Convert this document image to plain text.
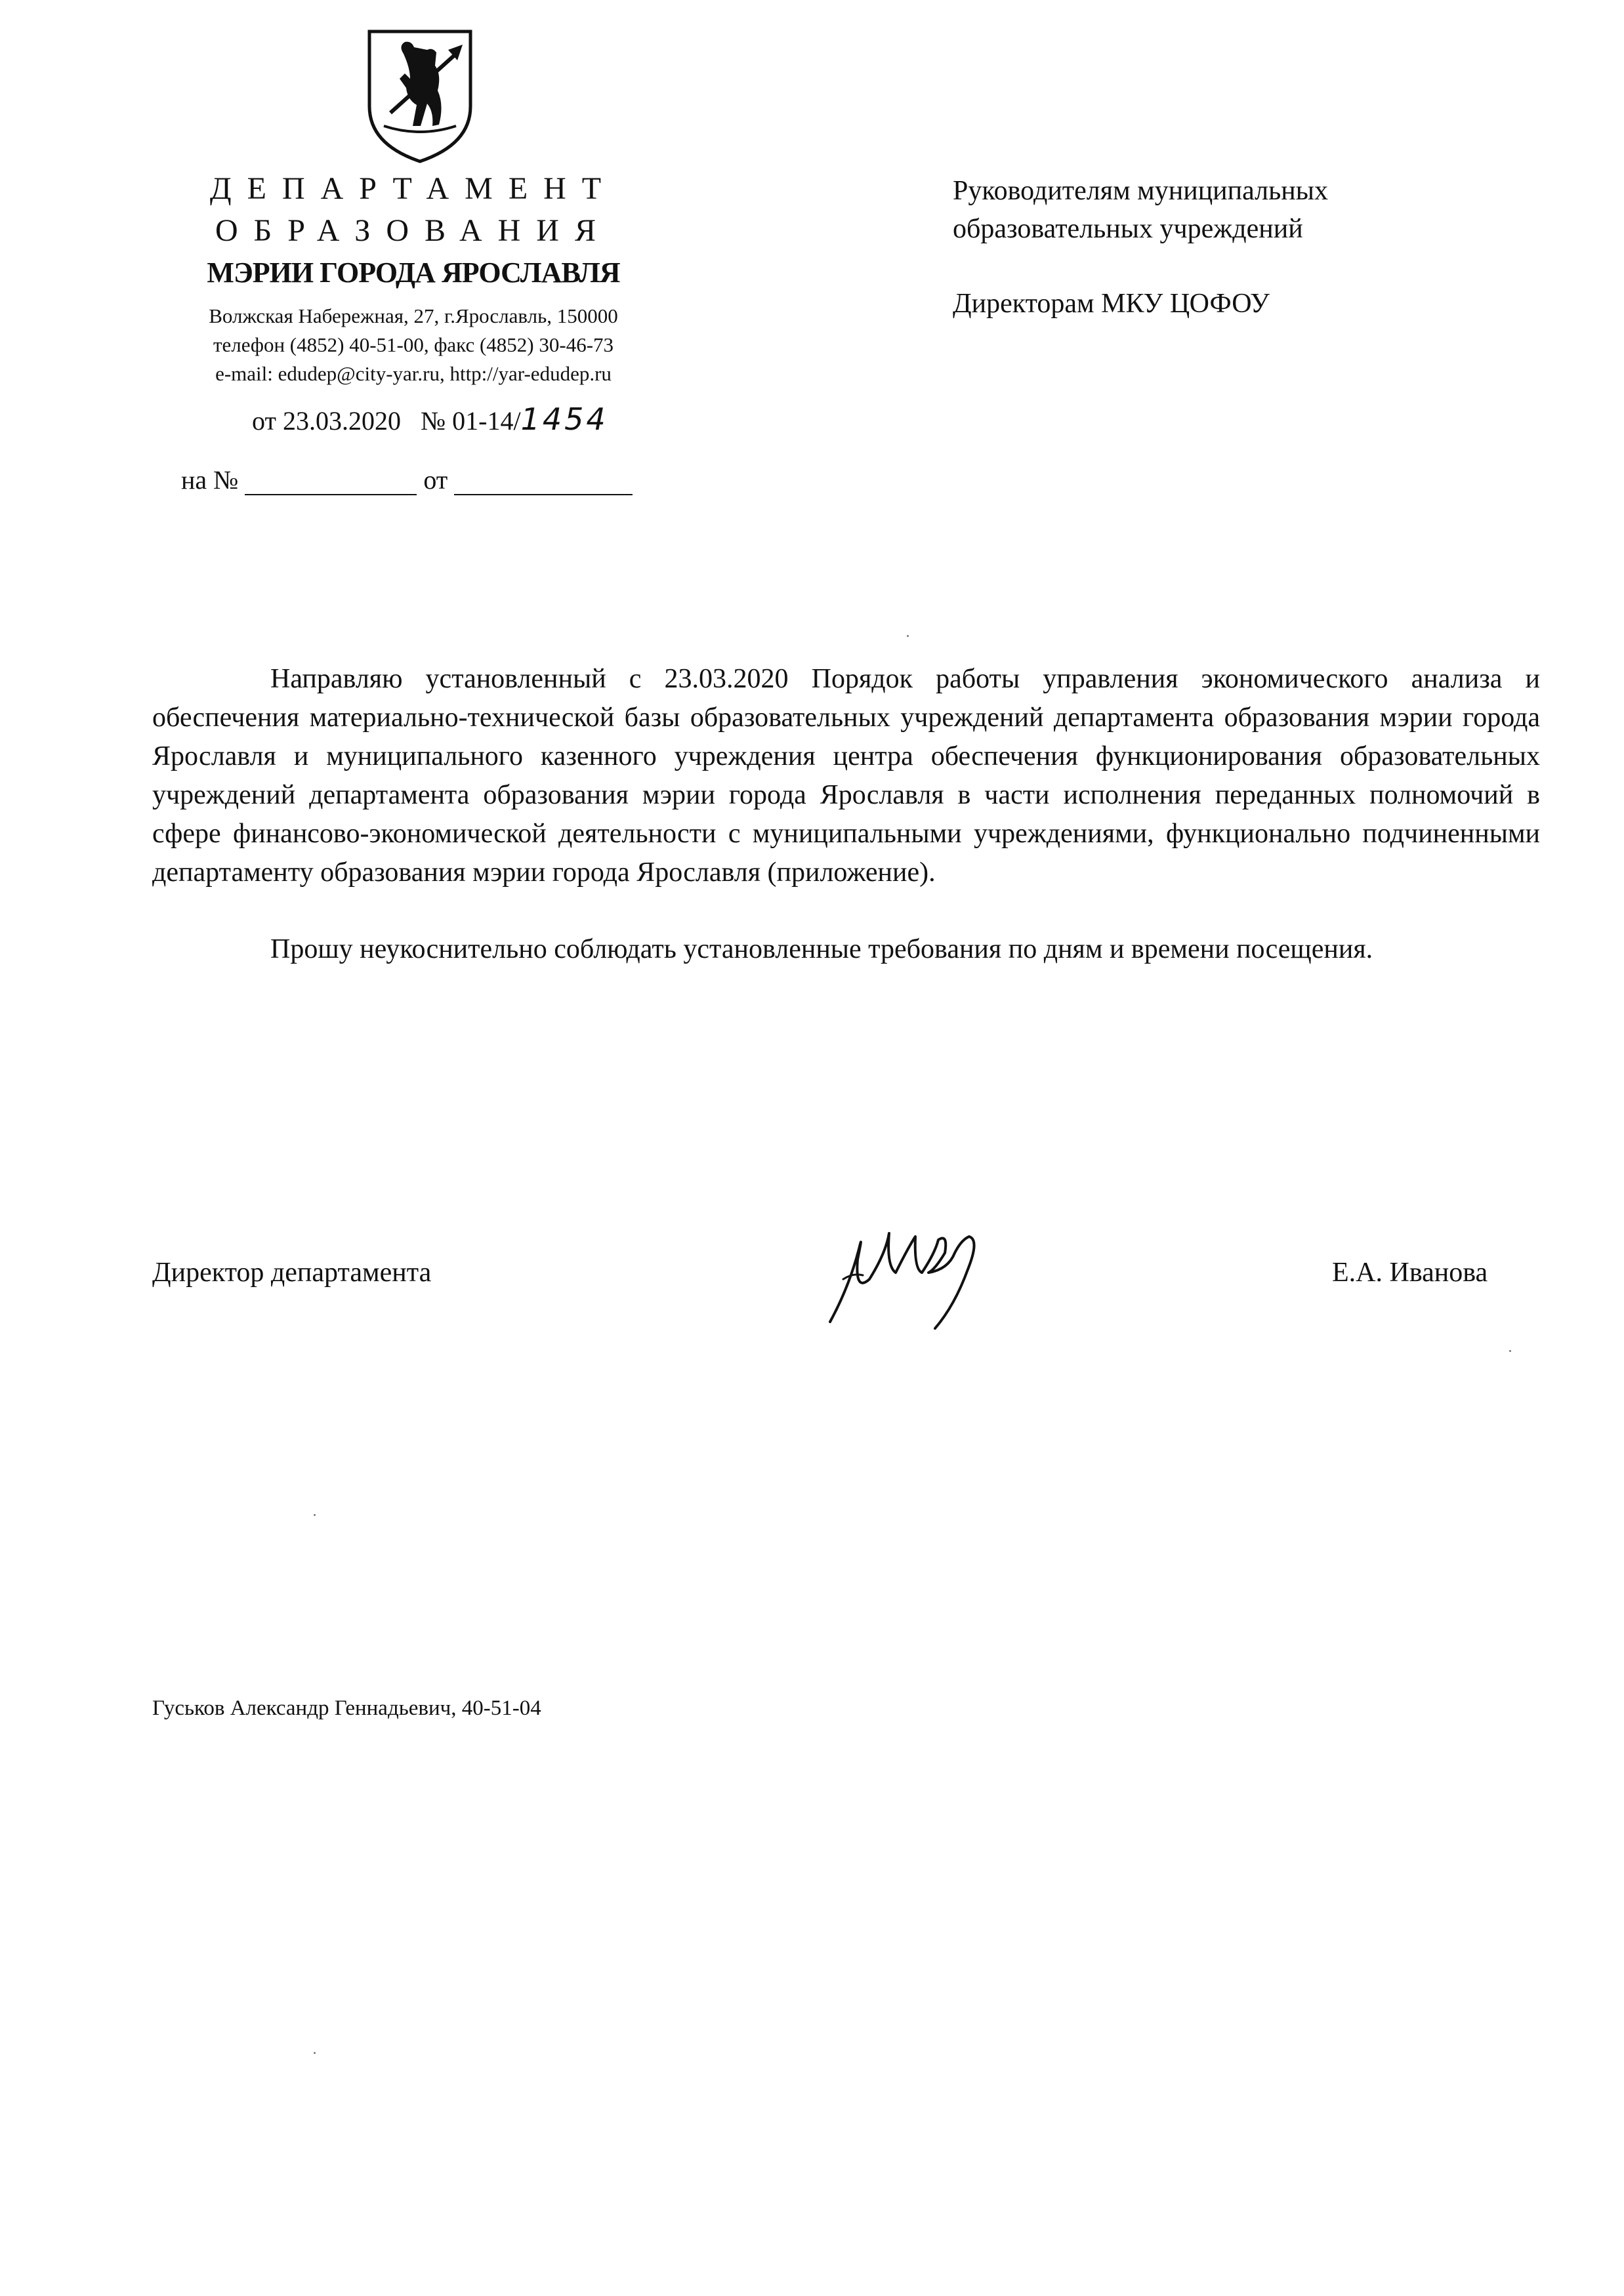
ДЕПАРТАМЕНТ
ОБРАЗОВАНИЯ
МЭРИИ ГОРОДА ЯРОСЛАВЛЯ
Волжская Набережная, 27, г.Ярославль, 150000
телефон (4852) 40-51-00, факс (4852) 30-46-73
e-mail: edudep@city-yar.ru, http://yar-edudep.ru
от 23.03.2020 № 01-14/1454
на №	от

Руководителям муниципальных

образовательных учреждений

Директорам МКУ ЦОФОУ

Направляю установленный с 23.03.2020 Порядок работы управления экономического анализа и обеспечения материально-технической базы образовательных учреждений департамента образования мэрии города Ярославля и муниципального казенного учреждения центра обеспечения функционирования образовательных учреждений департамента образования мэрии города Ярославля в части исполнения переданных полномочий в сфере финансово-экономической деятельности с муниципальными учреждениями, функционально подчиненными департаменту образования мэрии города Ярославля (приложение).

Прошу неукоснительно соблюдать установленные требования по дням и времени посещения.

Директор департамента	Е.А. Иванова
Гуськов Александр Геннадьевич, 40-51-04
